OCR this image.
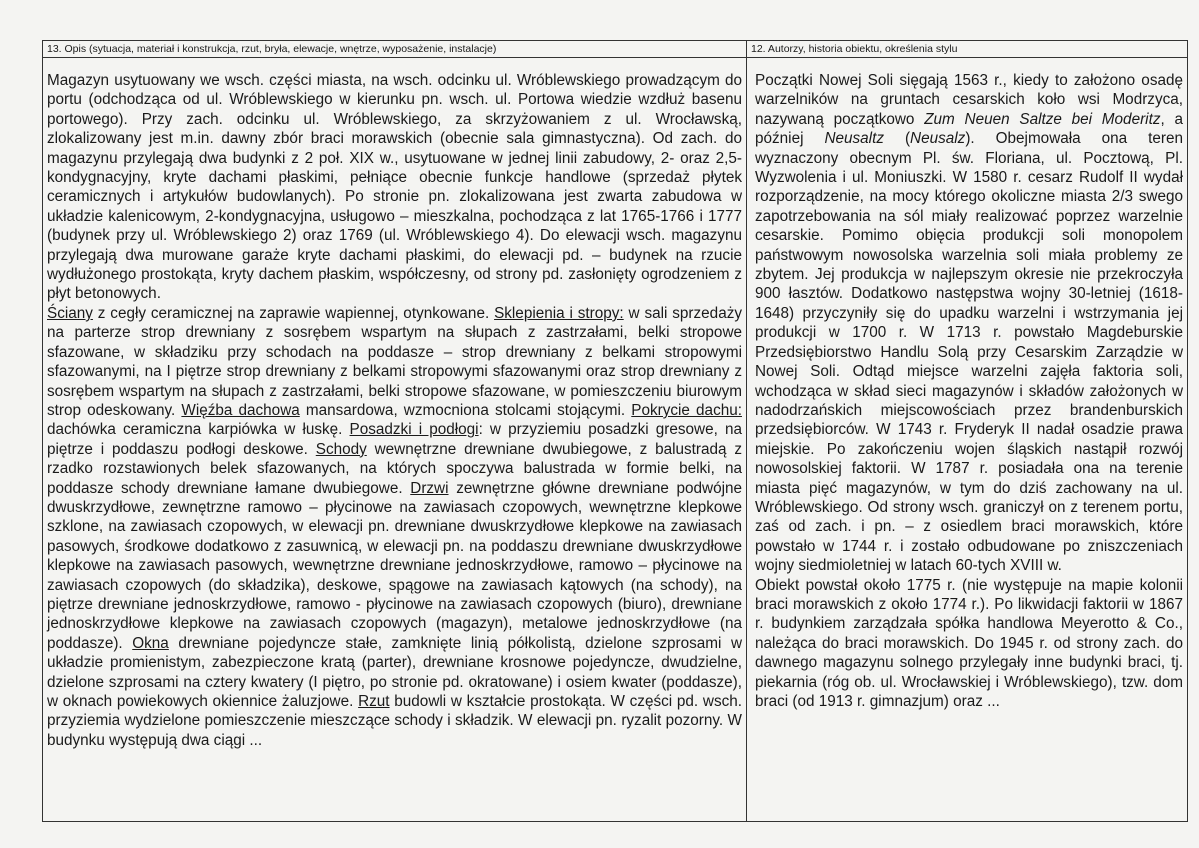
13. Opis (sytuacja, materiał i konstrukcja, rzut, bryła, elewacje, wnętrze, wyposażenie, instalacje)

Magazyn usytuowany we wsch. części miasta, na wsch. odcinku ul. Wróblewskiego prowadzącym do portu (odchodząca od ul. Wróblewskiego w kierunku pn. wsch. ul. Portowa wiedzie wzdłuż basenu portowego). Przy zach. odcinku ul. Wróblewskiego, za skrzyżowaniem z ul. Wrocławską, zlokalizowany jest m.in. dawny zbór braci morawskich (obecnie sala gimnastyczna). Od zach. do magazynu przylegają dwa budynki z 2 poł. XIX w., usytuowane w jednej linii zabudowy, 2- oraz 2,5-kondygnacyjny, kryte dachami płaskimi, pełniące obecnie funkcje handlowe (sprzedaż płytek ceramicznych i artykułów budowlanych). Po stronie pn. zlokalizowana jest zwarta zabudowa w układzie kalenicowym, 2-kondygnacyjna, usługowo – mieszkalna, pochodząca z lat 1765-1766 i 1777 (budynek przy ul. Wróblewskiego 2) oraz 1769 (ul. Wróblewskiego 4). Do elewacji wsch. magazynu przylegają dwa murowane garaże kryte dachami płaskimi, do elewacji pd. – budynek na rzucie wydłużonego prostokąta, kryty dachem płaskim, współczesny, od strony pd. zasłonięty ogrodzeniem z płyt betonowych.

Ściany z cegły ceramicznej na zaprawie wapiennej, otynkowane. Sklepienia i stropy: w sali sprzedaży na parterze strop drewniany z sosrębem wspartym na słupach z zastrzałami, belki stropowe sfazowane, w składziku przy schodach na poddasze – strop drewniany z belkami stropowymi sfazowanymi, na I piętrze strop drewniany z belkami stropowymi sfazowanymi oraz strop drewniany z sosrębem wspartym na słupach z zastrzałami, belki stropowe sfazowane, w pomieszczeniu biurowym strop odeskowany. Więźba dachowa mansardowa, wzmocniona stolcami stojącymi. Pokrycie dachu: dachówka ceramiczna karpiówka w łuskę. Posadzki i podłogi: w przyziemiu posadzki gresowe, na piętrze i poddaszu podłogi deskowe. Schody wewnętrzne drewniane dwubiegowe, z balustradą z rzadko rozstawionych belek sfazowanych, na których spoczywa balustrada w formie belki, na poddasze schody drewniane łamane dwubiegowe. Drzwi zewnętrzne główne drewniane podwójne dwuskrzydłowe, zewnętrzne ramowo – płycinowe na zawiasach czopowych, wewnętrzne klepkowe szklone, na zawiasach czopowych, w elewacji pn. drewniane dwuskrzydłowe klepkowe na zawiasach pasowych, środkowe dodatkowo z zasuwnicą, w elewacji pn. na poddaszu drewniane dwuskrzydłowe klepkowe na zawiasach pasowych, wewnętrzne drewniane jednoskrzydłowe, ramowo – płycinowe na zawiasach czopowych (do składzika), deskowe, spągowe na zawiasach kątowych (na schody), na piętrze drewniane jednoskrzydłowe, ramowo - płycinowe na zawiasach czopowych (biuro), drewniane jednoskrzydłowe klepkowe na zawiasach czopowych (magazyn), metalowe jednoskrzydłowe (na poddasze). Okna drewniane pojedyncze stałe, zamknięte linią półkolistą, dzielone szprosami w układzie promienistym, zabezpieczone kratą (parter), drewniane krosnowe pojedyncze, dwudzielne, dzielone szprosami na cztery kwatery (I piętro, po stronie pd. okratowane) i osiem kwater (poddasze), w oknach powiekowych okiennice żaluzjowe. Rzut budowli w kształcie prostokąta. W części pd. wsch. przyziemia wydzielone pomieszczenie mieszczące schody i składzik. W elewacji pn. ryzalit pozorny. W budynku występują dwa ciągi ...

12. Autorzy, historia obiektu, określenia stylu

Początki Nowej Soli sięgają 1563 r., kiedy to założono osadę warzelników na gruntach cesarskich koło wsi Modrzyca, nazywaną początkowo Zum Neuen Saltze bei Moderitz, a później Neusaltz (Neusalz). Obejmowała ona teren wyznaczony obecnym Pl. św. Floriana, ul. Pocztową, Pl. Wyzwolenia i ul. Moniuszki. W 1580 r. cesarz Rudolf II wydał rozporządzenie, na mocy którego okoliczne miasta 2/3 swego zapotrzebowania na sól miały realizować poprzez warzelnie cesarskie. Pomimo obięcia produkcji soli monopolem państwowym nowosolska warzelnia soli miała problemy ze zbytem. Jej produkcja w najlepszym okresie nie przekroczyła 900 łasztów. Dodatkowo następstwa wojny 30-letniej (1618-1648) przyczyniły się do upadku warzelni i wstrzymania jej produkcji w 1700 r. W 1713 r. powstało Magdeburskie Przedsiębiorstwo Handlu Solą przy Cesarskim Zarządzie w Nowej Soli. Odtąd miejsce warzelni zajęła faktoria soli, wchodząca w skład sieci magazynów i składów założonych w nadodrzańskich miejscowościach przez brandenburskich przedsiębiorców. W 1743 r. Fryderyk II nadał osadzie prawa miejskie. Po zakończeniu wojen śląskich nastąpił rozwój nowosolskiej faktorii. W 1787 r. posiadała ona na terenie miasta pięć magazynów, w tym do dziś zachowany na ul. Wróblewskiego. Od strony wsch. graniczył on z terenem portu, zaś od zach. i pn. – z osiedlem braci morawskich, które powstało w 1744 r. i zostało odbudowane po zniszczeniach wojny siedmioletniej w latach 60-tych XVIII w.

Obiekt powstał około 1775 r. (nie występuje na mapie kolonii braci morawskich z około 1774 r.). Po likwidacji faktorii w 1867 r. budynkiem zarządzała spółka handlowa Meyerotto & Co., należąca do braci morawskich. Do 1945 r. od strony zach. do dawnego magazynu solnego przylegały inne budynki braci, tj. piekarnia (róg ob. ul. Wrocławskiej i Wróblewskiego), tzw. dom braci (od 1913 r. gimnazjum) oraz ...
